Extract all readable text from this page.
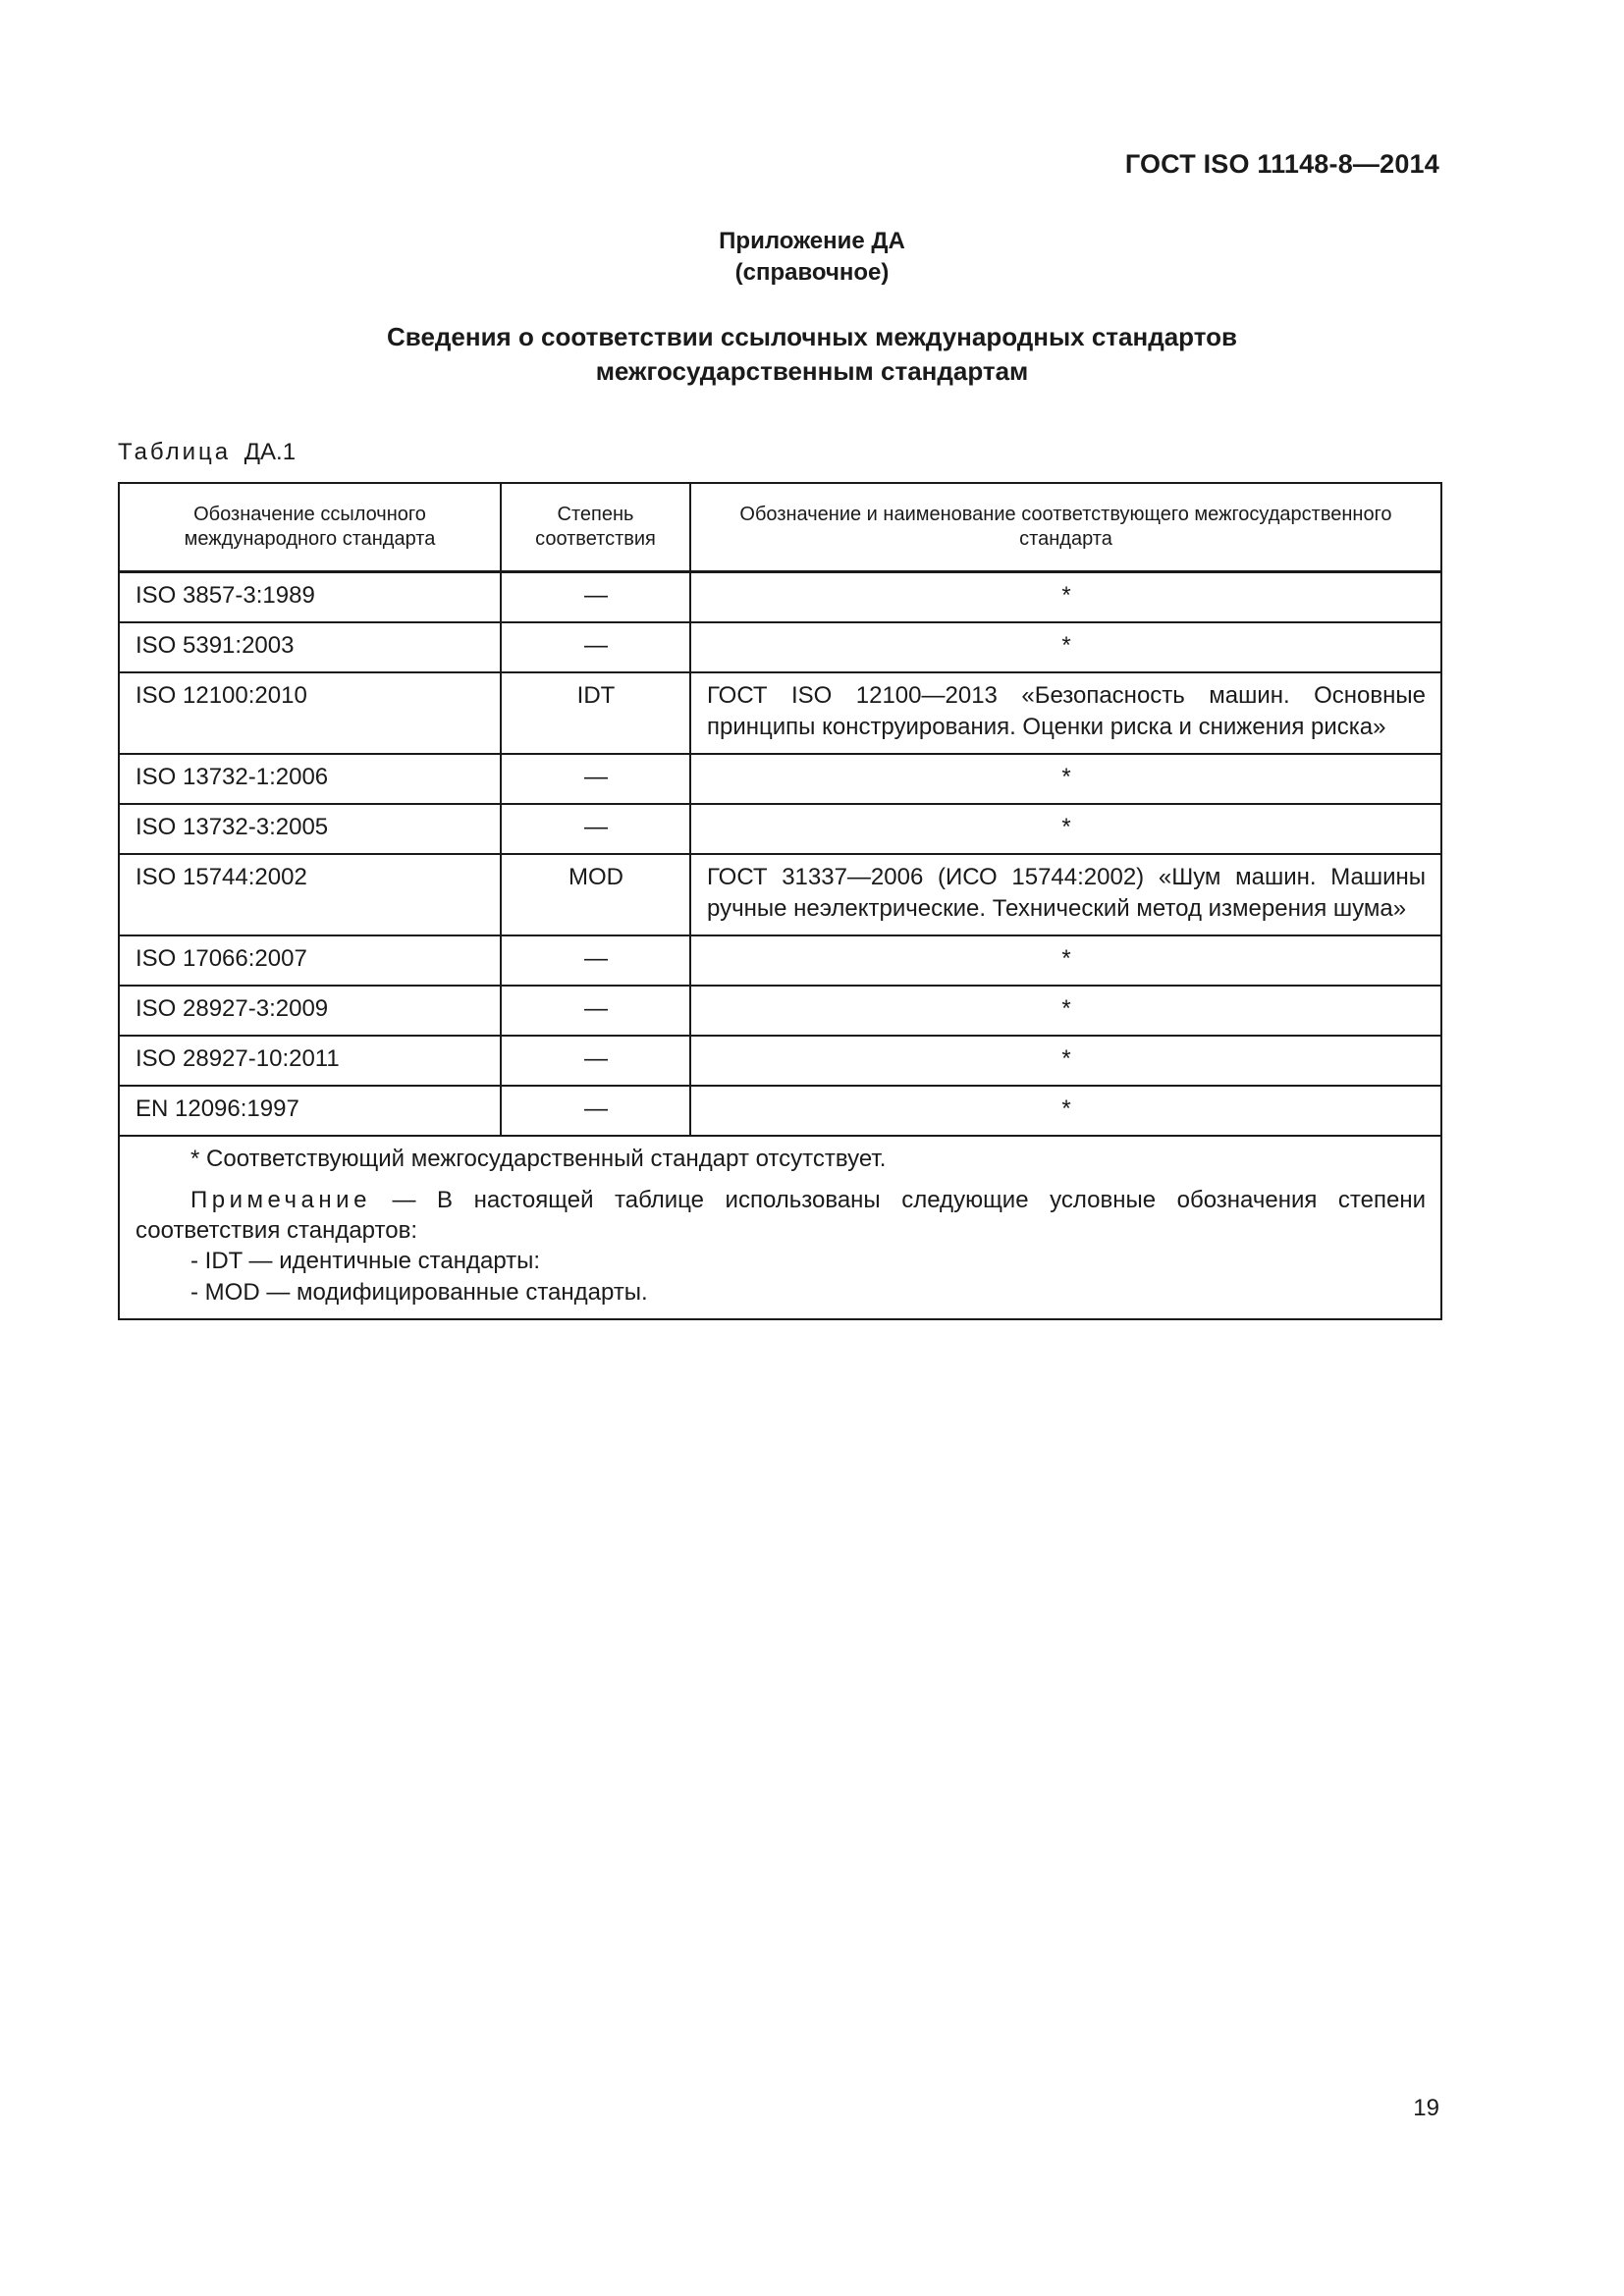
ГОСТ ISO 11148-8—2014
Приложение ДА
(справочное)
Сведения о соответствии ссылочных международных стандартов
межгосударственным стандартам
Таблица ДА.1
Обозначение ссылочного международного стандарта	Степень соответствия	Обозначение и наименование соответствующего межгосударственного стандарта
ISO 3857-3:1989	—	*
ISO 5391:2003	—	*
ISO 12100:2010	IDT	ГОСТ ISO 12100—2013 «Безопасность машин. Основные принципы конструирования. Оценки риска и снижения риска»
ISO 13732-1:2006	—	*
ISO 13732-3:2005	—	*
ISO 15744:2002	MOD	ГОСТ 31337—2006 (ИСО 15744:2002) «Шум машин. Машины ручные неэлектрические. Технический метод измерения шума»
ISO 17066:2007	—	*
ISO 28927-3:2009	—	*
ISO 28927-10:2011	—	*
EN 12096:1997	—	*

* Соответствующий межгосударственный стандарт отсутствует.

Примечание — В настоящей таблице использованы следующие условные обозначения степени соответствия стандартов:

- IDT — идентичные стандарты:

- MOD — модифицированные стандарты.		

19
